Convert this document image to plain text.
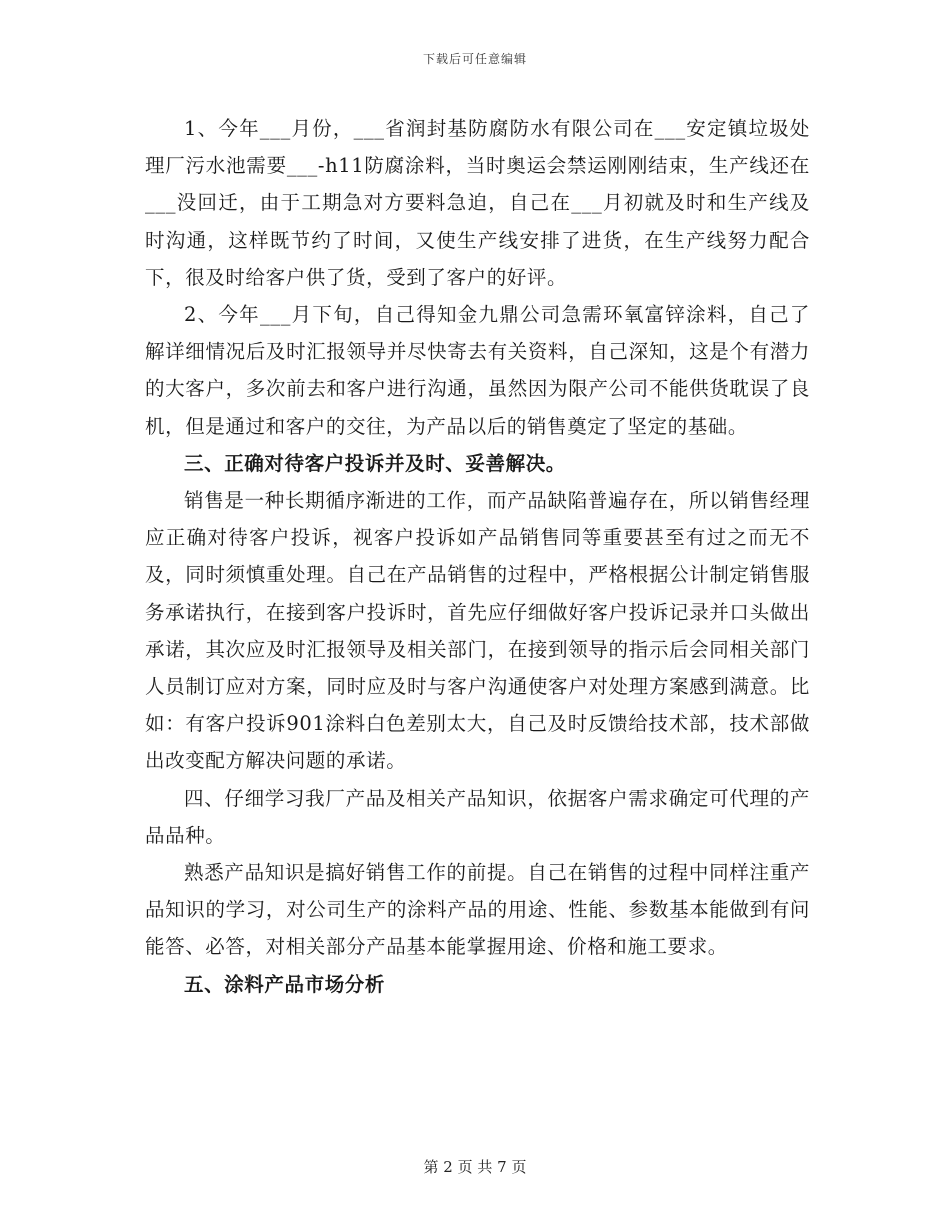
下载后可任意编辑

1、今年___月份，___省润封基防腐防水有限公司在___安定镇垃圾处理厂污水池需要___-h11防腐涂料，当时奥运会禁运刚刚结束，生产线还在___没回迁，由于工期急对方要料急迫，自己在___月初就及时和生产线及时沟通，这样既节约了时间，又使生产线安排了进货，在生产线努力配合下，很及时给客户供了货，受到了客户的好评。

2、今年___月下旬，自己得知金九鼎公司急需环氧富锌涂料，自己了解详细情况后及时汇报领导并尽快寄去有关资料，自己深知，这是个有潜力的大客户，多次前去和客户进行沟通，虽然因为限产公司不能供货耽误了良机，但是通过和客户的交往，为产品以后的销售奠定了坚定的基础。

三、正确对待客户投诉并及时、妥善解决。

销售是一种长期循序渐进的工作，而产品缺陷普遍存在，所以销售经理应正确对待客户投诉，视客户投诉如产品销售同等重要甚至有过之而无不及，同时须慎重处理。自己在产品销售的过程中，严格根据公计制定销售服务承诺执行，在接到客户投诉时，首先应仔细做好客户投诉记录并口头做出承诺，其次应及时汇报领导及相关部门，在接到领导的指示后会同相关部门人员制订应对方案，同时应及时与客户沟通使客户对处理方案感到满意。比如：有客户投诉901涂料白色差别太大，自己及时反馈给技术部，技术部做出改变配方解决问题的承诺。

四、仔细学习我厂产品及相关产品知识，依据客户需求确定可代理的产品品种。

熟悉产品知识是搞好销售工作的前提。自己在销售的过程中同样注重产品知识的学习，对公司生产的涂料产品的用途、性能、参数基本能做到有问能答、必答，对相关部分产品基本能掌握用途、价格和施工要求。

五、涂料产品市场分析

第 2 页 共 7 页
